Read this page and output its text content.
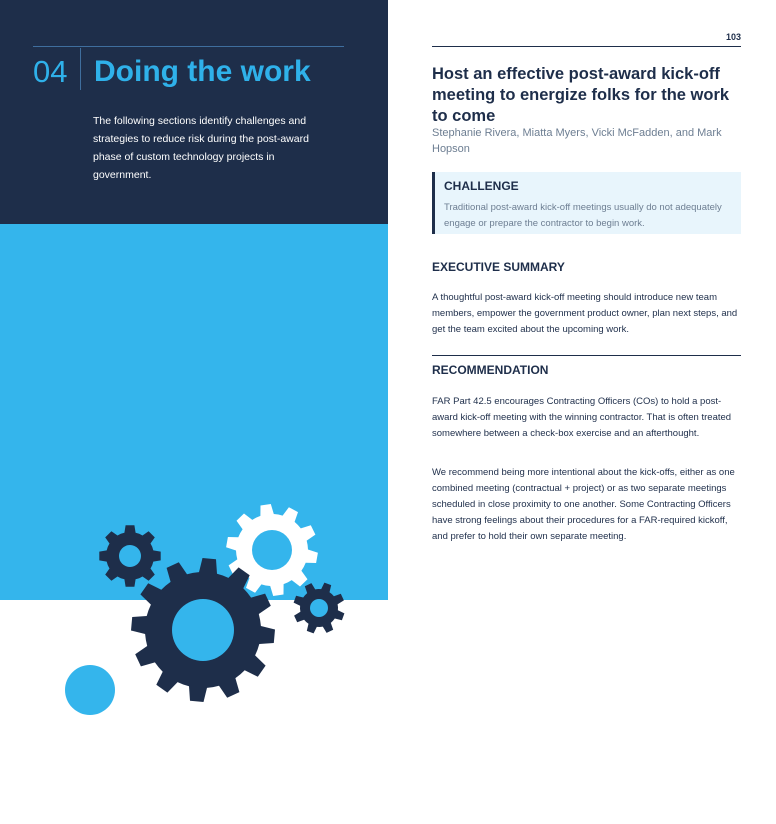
04 Doing the work
The following sections identify challenges and strategies to reduce risk during the post-award phase of custom technology projects in government.
103
Host an effective post-award kick-off meeting to energize folks for the work to come
Stephanie Rivera, Miatta Myers, Vicki McFadden, and Mark Hopson
CHALLENGE
Traditional post-award kick-off meetings usually do not adequately engage or prepare the contractor to begin work.
EXECUTIVE SUMMARY
A thoughtful post-award kick-off meeting should introduce new team members, empower the government product owner, plan next steps, and get the team excited about the upcoming work.
RECOMMENDATION
FAR Part 42.5 encourages Contracting Officers (COs) to hold a post-award kick-off meeting with the winning contractor. That is often treated somewhere between a check-box exercise and an afterthought.
We recommend being more intentional about the kick-offs, either as one combined meeting (contractual + project) or as two separate meetings scheduled in close proximity to one another. Some Contracting Officers have strong feelings about their procedures for a FAR-required kickoff, and prefer to hold their own separate meeting.
